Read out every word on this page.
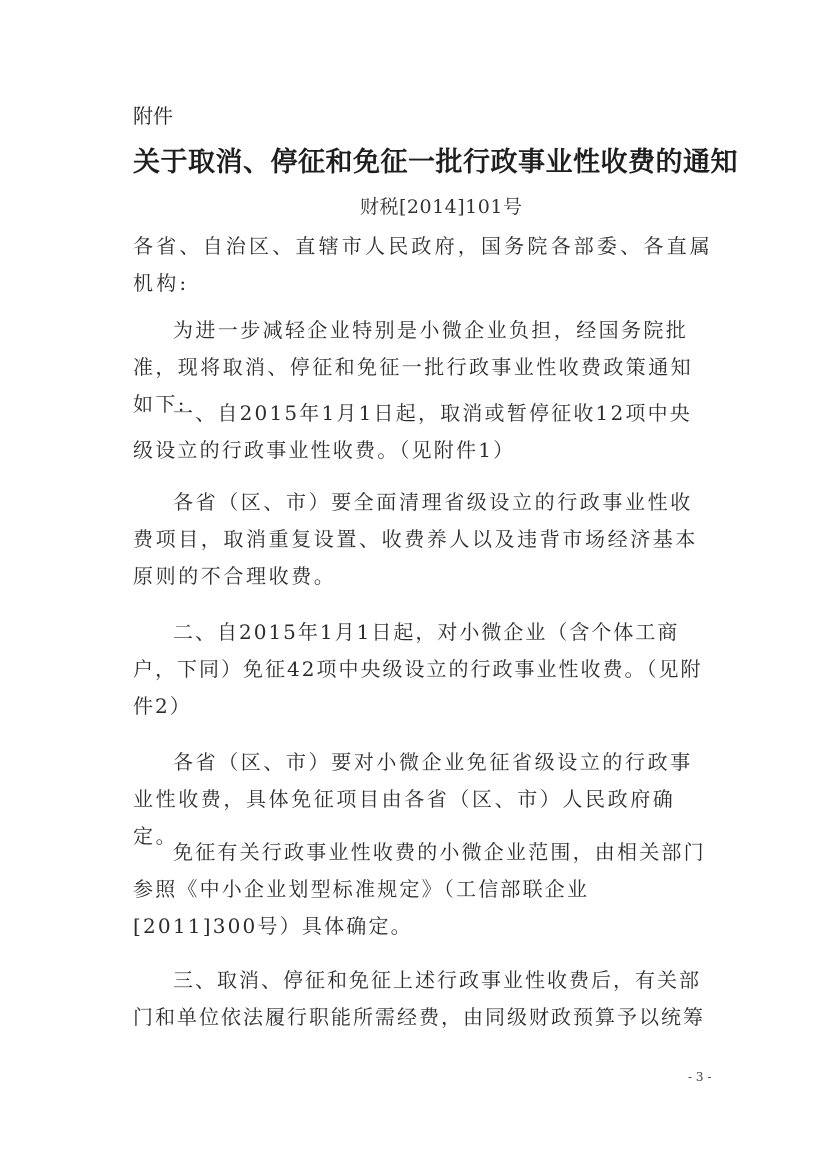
附件

关于取消、停征和免征一批行政事业性收费的通知

财税[2014]101号

各省、自治区、直辖市人民政府，国务院各部委、各直属机构:

为进一步减轻企业特别是小微企业负担，经国务院批准，现将取消、停征和免征一批行政事业性收费政策通知如下:

一、自2015年1月1日起，取消或暂停征收12项中央级设立的行政事业性收费。（见附件1）

各省（区、市）要全面清理省级设立的行政事业性收费项目，取消重复设置、收费养人以及违背市场经济基本原则的不合理收费。

二、自2015年1月1日起，对小微企业（含个体工商户，下同）免征42项中央级设立的行政事业性收费。（见附件2）

各省（区、市）要对小微企业免征省级设立的行政事业性收费，具体免征项目由各省（区、市）人民政府确定。

免征有关行政事业性收费的小微企业范围，由相关部门参照《中小企业划型标准规定》（工信部联企业[2011]300号）具体确定。

三、取消、停征和免征上述行政事业性收费后，有关部门和单位依法履行职能所需经费，由同级财政预算予以统筹

- 3 -
